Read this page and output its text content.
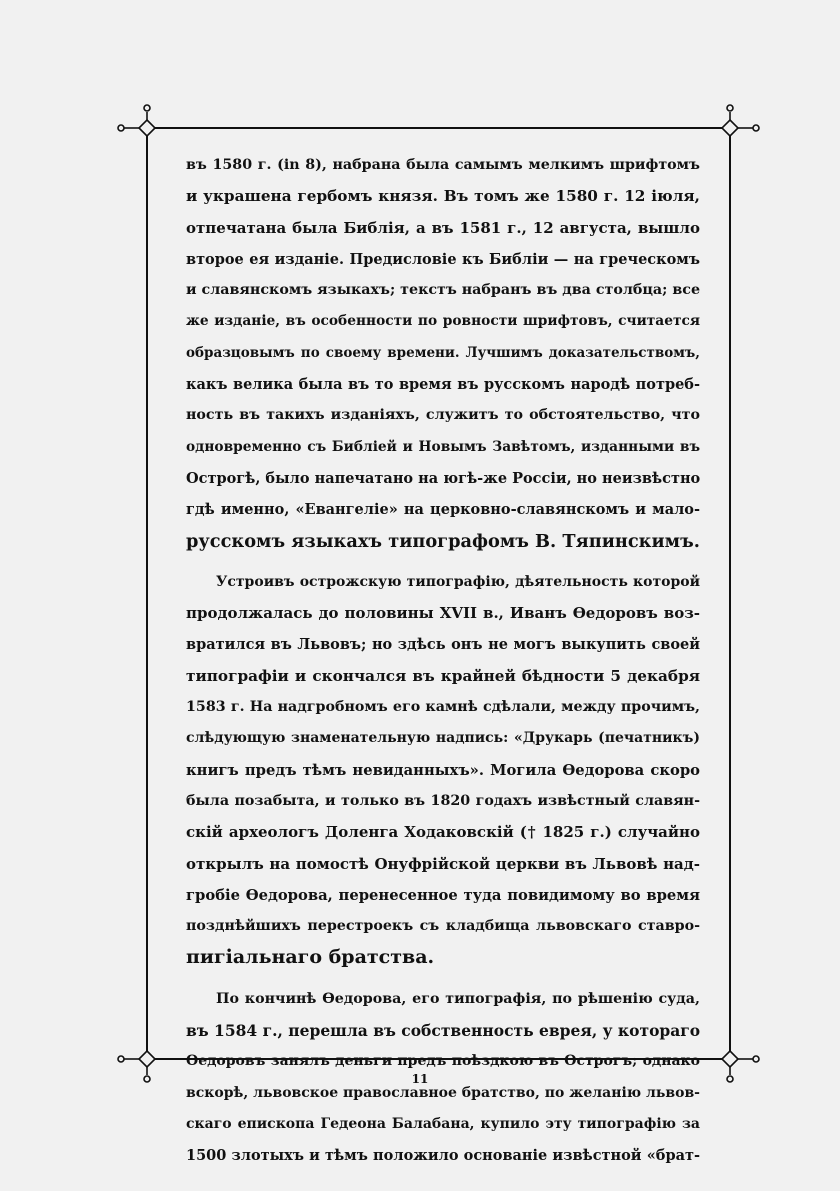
въ 1580 г. (in 8), набрана была самымъ мелкимъ шрифтомъ
и украшена гербомъ князя. Въ томъ же 1580 г. 12 іюля,
отпечатана была Библія, а въ 1581 г., 12 августа, вышло
второе ея изданіе. Предисловіе къ Библіи — на греческомъ
и славянскомъ языкахъ; текстъ набранъ въ два столбца; все
же изданіе, въ особенности по ровности шрифтовъ, считается
образцовымъ по своему времени. Лучшимъ доказательствомъ,
какъ велика была въ то время въ русскомъ народѣ потреб-
ность въ такихъ изданіяхъ, служитъ то обстоятельство, что
одновременно съ Библіей и Новымъ Завѣтомъ, изданными въ
Острогѣ, было напечатано на югѣ-же Россіи, но неизвѣстно
гдѣ именно, «Евангеліе» на церковно-славянскомъ и мало-
русскомъ языкахъ типографомъ В. Тяпинскимъ.
Устроивъ острожскую типографію, дѣятельность которой
продолжалась до половины XVII в., Иванъ Ѳедоровъ воз-
вратился въ Львовъ; но здѣсь онъ не могъ выкупить своей
типографіи и скончался въ крайней бѣдности 5 декабря
1583 г. На надгробномъ его камнѣ сдѣлали, между прочимъ,
слѣдующую знаменательную надпись: «Друкарь (печатникъ)
книгъ предъ тѣмъ невиданныхъ». Могила Ѳедорова скоро
была позабыта, и только въ 1820 годахъ извѣстный славян-
скій археологъ Доленга Ходаковскій († 1825 г.) случайно
открылъ на помостѣ Онуфрійской церкви въ Львовѣ над-
гробіе Ѳедорова, перенесенное туда повидимому во время
позднѣйшихъ перестроекъ съ кладбища львовскаго ставро-
пигіальнаго братства.
По кончинѣ Ѳедорова, его типографія, по рѣшенію суда,
въ 1584 г., перешла въ собственность еврея, у котораго
Ѳедоровъ занялъ деньги предъ поѣздкою въ Острогъ; однако
вскорѣ, львовское православное братство, по желанію львов-
скаго епископа Гедеона Балабана, купило эту типографію за
1500 злотыхъ и тѣмъ положило основаніе извѣстной «брат-
11
